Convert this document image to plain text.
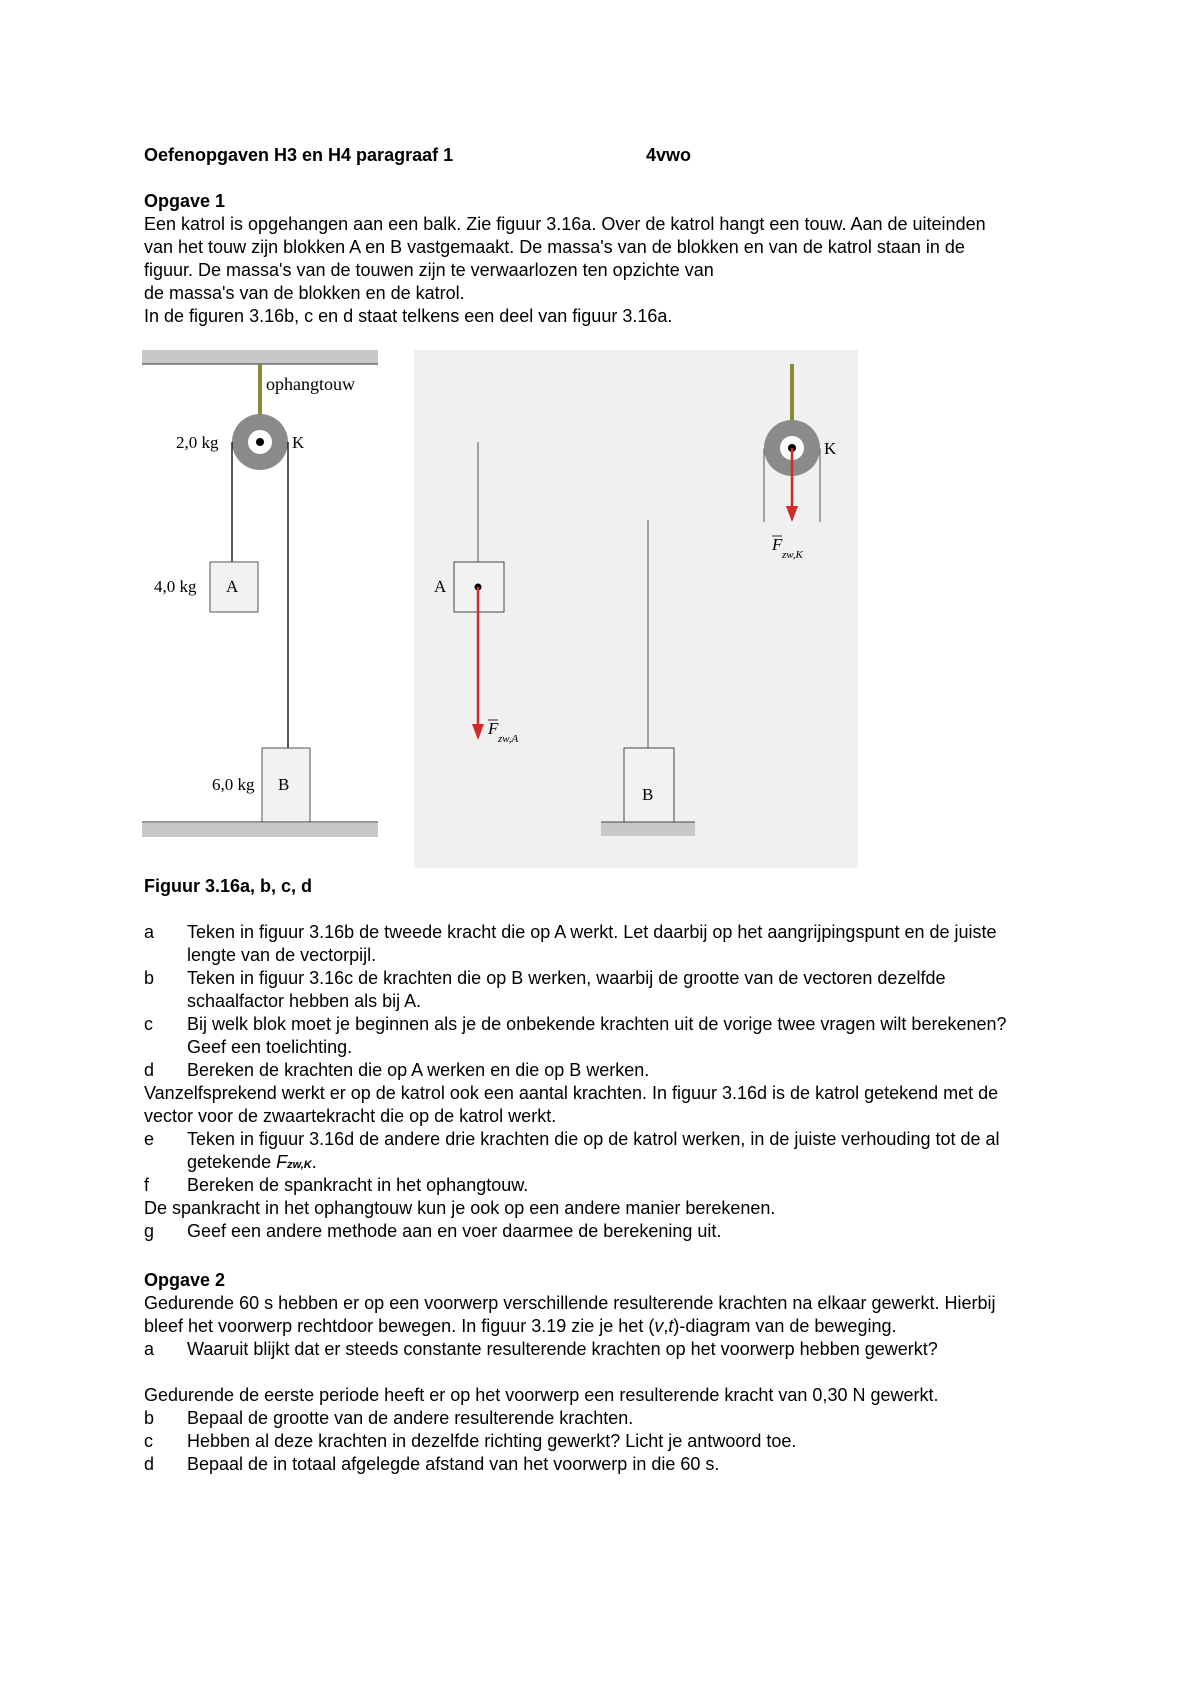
Oefenopgaven H3 en H4 paragraaf 1	4vwo
Opgave 1
Een katrol is opgehangen aan een balk. Zie figuur 3.16a. Over de katrol hangt een touw. Aan de uiteinden
van het touw zijn blokken A en B vastgemaakt. De massa's van de blokken en van de katrol staan in de
figuur. De massa's van de touwen zijn te verwaarlozen ten opzichte van
de massa's van de blokken en de katrol.
In de figuren 3.16b, c en d staat telkens een deel van figuur 3.16a.
ophangtouw
2,0 kg	K
A
4,0 kg
B
6,0 kg
A
F
zw,A
B
K
F
zw,K
Figuur 3.16a, b, c, d
a Teken in figuur 3.16b de tweede kracht die op A werkt. Let daarbij op het aangrijpingspunt en de juiste
lengte van de vectorpijl.
b Teken in figuur 3.16c de krachten die op B werken, waarbij de grootte van de vectoren dezelfde
schaalfactor hebben als bij A.
c Bij welk blok moet je beginnen als je de onbekende krachten uit de vorige twee vragen wilt berekenen?
Geef een toelichting.
d Bereken de krachten die op A werken en die op B werken.
Vanzelfsprekend werkt er op de katrol ook een aantal krachten. In figuur 3.16d is de katrol getekend met de
vector voor de zwaartekracht die op de katrol werkt.
e Teken in figuur 3.16d de andere drie krachten die op de katrol werken, in de juiste verhouding tot de al
getekende Fzw,K.
f Bereken de spankracht in het ophangtouw.
De spankracht in het ophangtouw kun je ook op een andere manier berekenen.
g Geef een andere methode aan en voer daarmee de berekening uit.
Opgave 2
Gedurende 60 s hebben er op een voorwerp verschillende resulterende krachten na elkaar gewerkt. Hierbij
bleef het voorwerp rechtdoor bewegen. In figuur 3.19 zie je het (v,t)-diagram van de beweging.
a Waaruit blijkt dat er steeds constante resulterende krachten op het voorwerp hebben gewerkt?
Gedurende de eerste periode heeft er op het voorwerp een resulterende kracht van 0,30 N gewerkt.
b Bepaal de grootte van de andere resulterende krachten.
c Hebben al deze krachten in dezelfde richting gewerkt? Licht je antwoord toe.
d Bepaal de in totaal afgelegde afstand van het voorwerp in die 60 s.
